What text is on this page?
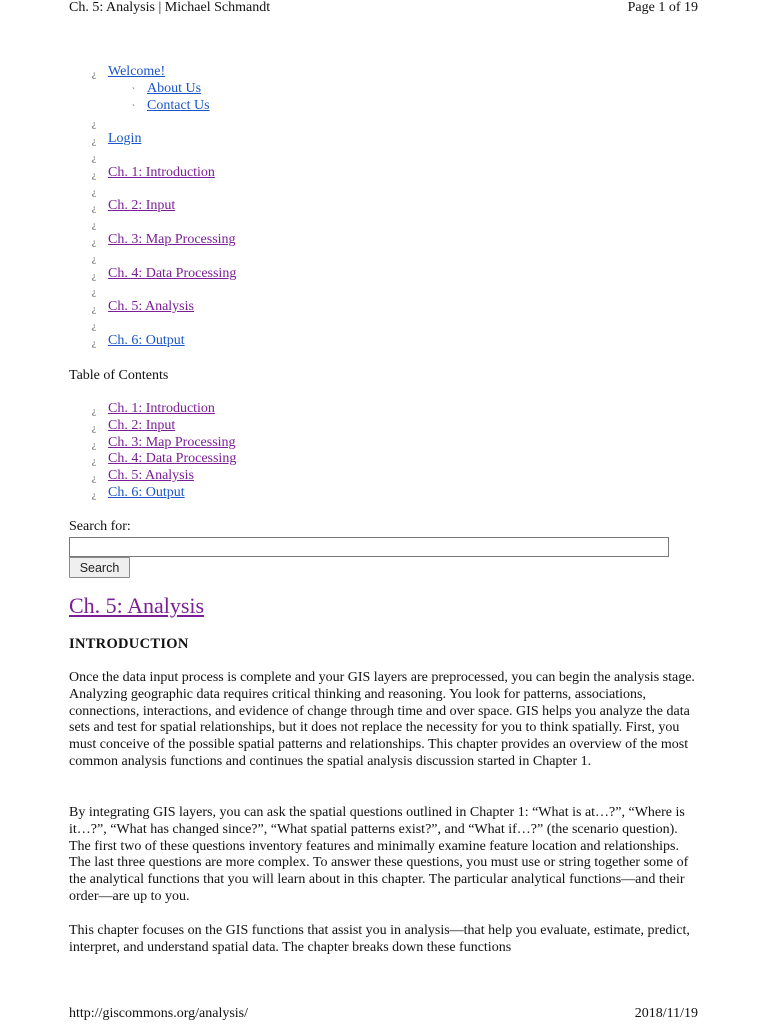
Ch. 5: Analysis | Michael Schmandt	Page 1 of 19
¿ Welcome!
` About Us
` Contact Us
¿
¿ Login
¿
¿ Ch. 1: Introduction
¿
¿ Ch. 2: Input
¿
¿ Ch. 3: Map Processing
¿
¿ Ch. 4: Data Processing
¿
¿ Ch. 5: Analysis
¿
¿ Ch. 6: Output
Table of Contents
¿ Ch. 1: Introduction
¿ Ch. 2: Input
¿ Ch. 3: Map Processing
¿ Ch. 4: Data Processing
¿ Ch. 5: Analysis
¿ Ch. 6: Output
Search for:
Search
Ch. 5: Analysis
INTRODUCTION

Once the data input process is complete and your GIS layers are preprocessed, you can begin the analysis stage. Analyzing geographic data requires critical thinking and reasoning. You look for patterns, associations, connections, interactions, and evidence of change through time and over space. GIS helps you analyze the data sets and test for spatial relationships, but it does not replace the necessity for you to think spatially. First, you must conceive of the possible spatial patterns and relationships. This chapter provides an overview of the most common analysis functions and continues the spatial analysis discussion started in Chapter 1.

By integrating GIS layers, you can ask the spatial questions outlined in Chapter 1: “What is at…?”, “Where is it…?”, “What has changed since?”, “What spatial patterns exist?”, and “What if…?” (the scenario question). The first two of these questions inventory features and minimally examine feature location and relationships. The last three questions are more complex. To answer these questions, you must use or string together some of the analytical functions that you will learn about in this chapter. The particular analytical functions—and their order—are up to you.

This chapter focuses on the GIS functions that assist you in analysis—that help you evaluate, estimate, predict, interpret, and understand spatial data. The chapter breaks down these functions

http://giscommons.org/analysis/	2018/11/19
